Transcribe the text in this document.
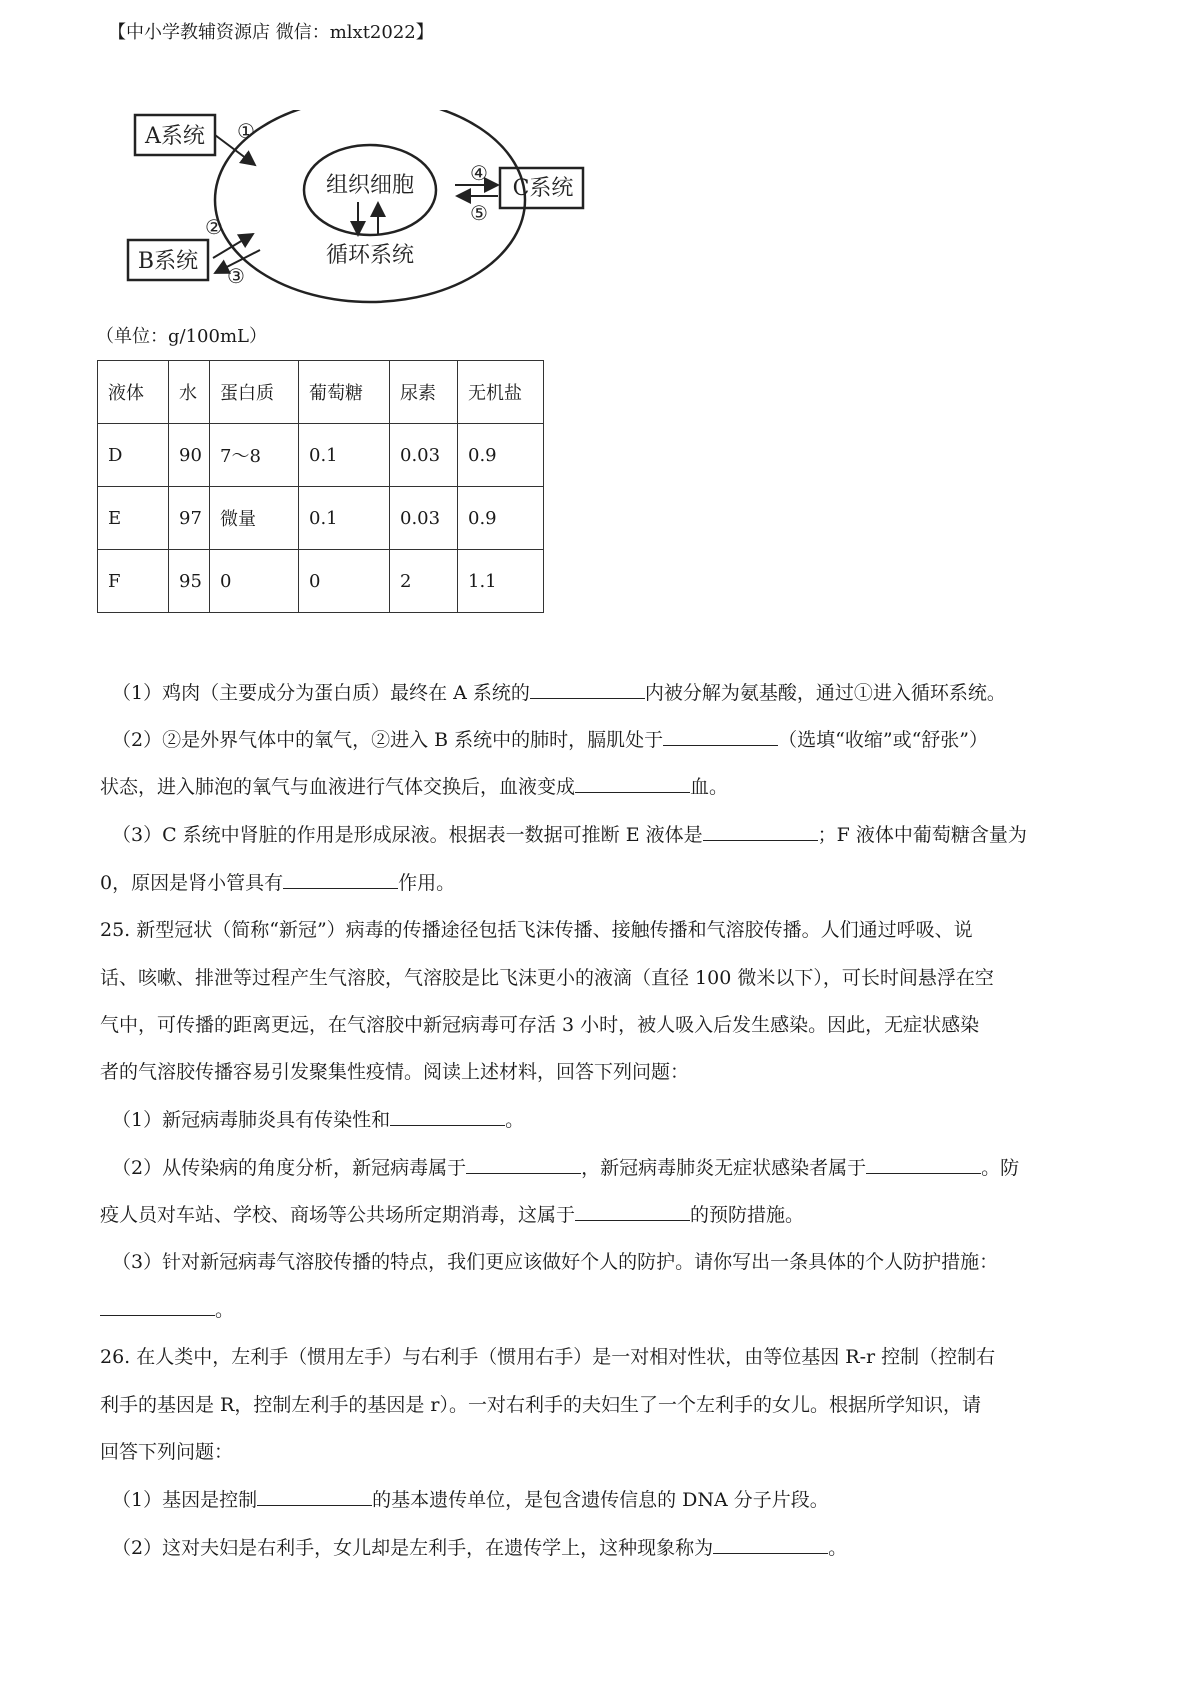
【中小学教辅资源店 微信：mlxt2022】
A系统 ①
B系统
②
③
组织细胞
循环系统
C系统
④
⑤
（单位：g/100mL）
液体	水	蛋白质	葡萄糖	尿素	无机盐
D	90	7～8	0.1	0.03	0.9
E	97	微量	0.1	0.03	0.9
F	95	0	0	2	1.1
（1）鸡肉（主要成分为蛋白质）最终在 A 系统的	内被分解为氨基酸，通过①进入循环系统。
（2）②是外界气体中的氧气，②进入 B 系统中的肺时，膈肌处于	（选填“收缩”或“舒张”）
状态，进入肺泡的氧气与血液进行气体交换后，血液变成	血。
（3）C 系统中肾脏的作用是形成尿液。根据表一数据可推断 E 液体是	；F 液体中葡萄糖含量为
0，原因是肾小管具有	作用。
25. 新型冠状（简称“新冠”）病毒的传播途径包括飞沫传播、接触传播和气溶胶传播。人们通过呼吸、说
话、咳嗽、排泄等过程产生气溶胶，气溶胶是比飞沫更小的液滴（直径 100 微米以下），可长时间悬浮在空
气中，可传播的距离更远，在气溶胶中新冠病毒可存活 3 小时，被人吸入后发生感染。因此，无症状感染
者的气溶胶传播容易引发聚集性疫情。阅读上述材料，回答下列问题：
（1）新冠病毒肺炎具有传染性和	。
（2）从传染病的角度分析，新冠病毒属于	，新冠病毒肺炎无症状感染者属于	。防
疫人员对车站、学校、商场等公共场所定期消毒，这属于	的预防措施。
（3）针对新冠病毒气溶胶传播的特点，我们更应该做好个人的防护。请你写出一条具体的个人防护措施：
。
26. 在人类中，左利手（惯用左手）与右利手（惯用右手）是一对相对性状，由等位基因 R-r 控制（控制右
利手的基因是 R，控制左利手的基因是 r）。一对右利手的夫妇生了一个左利手的女儿。根据所学知识，请
回答下列问题：
（1）基因是控制	的基本遗传单位，是包含遗传信息的 DNA 分子片段。
（2）这对夫妇是右利手，女儿却是左利手，在遗传学上，这种现象称为	。
